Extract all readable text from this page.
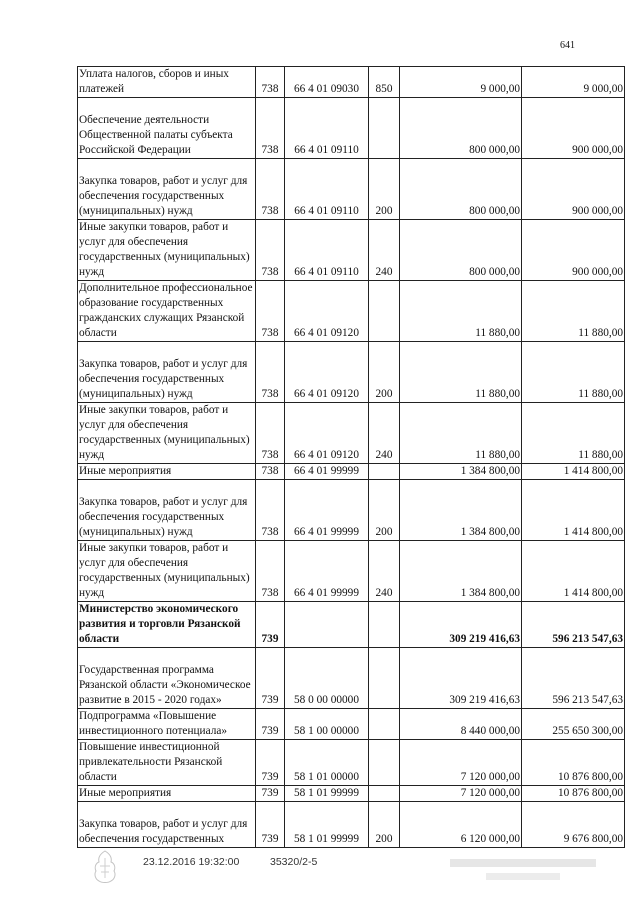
641
Уплата налогов, сборов и иных платежей	738	66 4 01 09030	850	9 000,00	9 000,00
Обеспечение деятельности Общественной палаты субъекта Российской Федерации	738	66 4 01 09110		800 000,00	900 000,00
Закупка товаров, работ и услуг для обеспечения государственных (муниципальных) нужд	738	66 4 01 09110	200	800 000,00	900 000,00
Иные закупки товаров, работ и услуг для обеспечения государственных (муниципальных) нужд	738	66 4 01 09110	240	800 000,00	900 000,00
Дополнительное профессиональное образование государственных гражданских служащих Рязанской области	738	66 4 01 09120		11 880,00	11 880,00
Закупка товаров, работ и услуг для обеспечения государственных (муниципальных) нужд	738	66 4 01 09120	200	11 880,00	11 880,00
Иные закупки товаров, работ и услуг для обеспечения государственных (муниципальных) нужд	738	66 4 01 09120	240	11 880,00	11 880,00
Иные мероприятия	738	66 4 01 99999		1 384 800,00	1 414 800,00
Закупка товаров, работ и услуг для обеспечения государственных (муниципальных) нужд	738	66 4 01 99999	200	1 384 800,00	1 414 800,00
Иные закупки товаров, работ и услуг для обеспечения государственных (муниципальных) нужд	738	66 4 01 99999	240	1 384 800,00	1 414 800,00
Министерство экономического развития и торговли Рязанской области	739			309 219 416,63	596 213 547,63
Государственная программа Рязанской области «Экономическое развитие в 2015 - 2020 годах»	739	58 0 00 00000		309 219 416,63	596 213 547,63
Подпрограмма «Повышение инвестиционного потенциала»	739	58 1 00 00000		8 440 000,00	255 650 300,00
Повышение инвестиционной привлекательности Рязанской области	739	58 1 01 00000		7 120 000,00	10 876 800,00
Иные мероприятия	739	58 1 01 99999		7 120 000,00	10 876 800,00
Закупка товаров, работ и услуг для обеспечения государственных	739	58 1 01 99999	200	6 120 000,00	9 676 800,00
23.12.2016 19:32:00	35320/2-5
